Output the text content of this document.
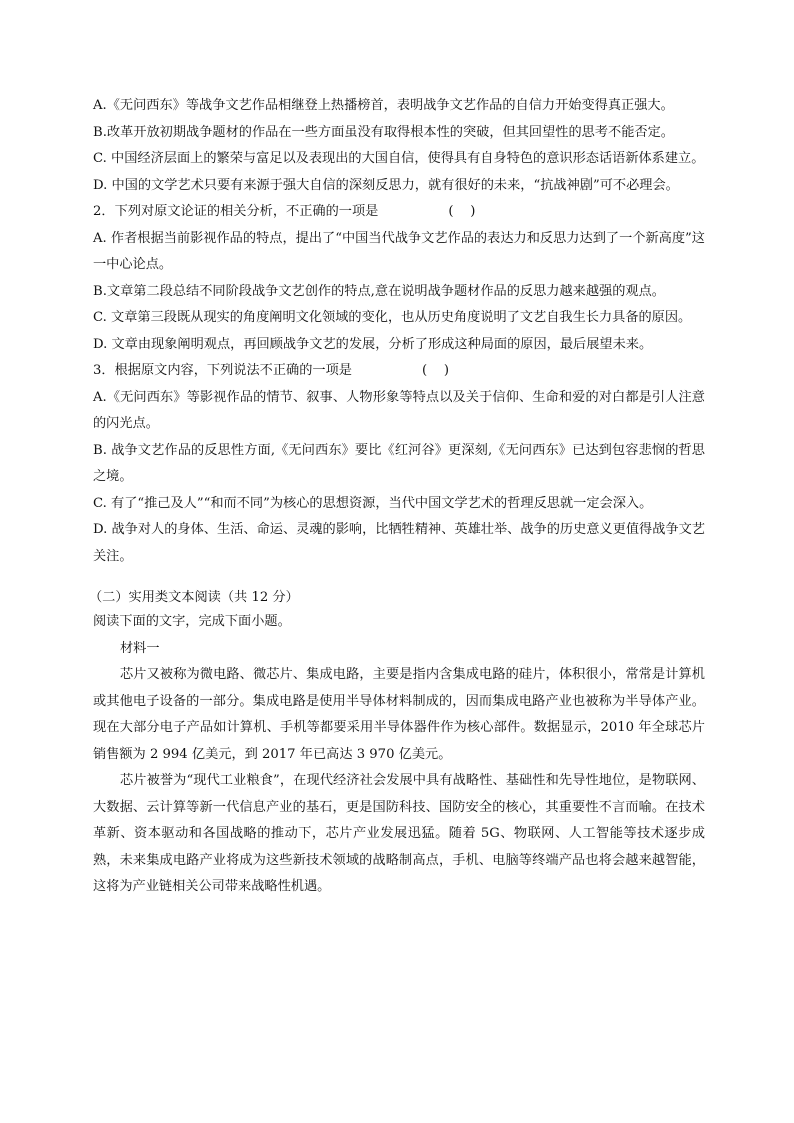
A.《无问西东》等战争文艺作品相继登上热播榜首，表明战争文艺作品的自信力开始变得真正强大。

B.改革开放初期战争题材的作品在一些方面虽没有取得根本性的突破，但其回望性的思考不能否定。

C. 中国经济层面上的繁荣与富足以及表现出的大国自信，使得具有自身特色的意识形态话语新体系建立。

D. 中国的文学艺术只要有来源于强大自信的深刻反思力，就有很好的未来，“抗战神剧”可不必理会。

2．下列对原文论证的相关分析，不正确的一项是	(    )

A. 作者根据当前影视作品的特点，提出了“中国当代战争文艺作品的表达力和反思力达到了一个新高度”这一中心论点。

B.文章第二段总结不同阶段战争文艺创作的特点,意在说明战争题材作品的反思力越来越强的观点。

C. 文章第三段既从现实的角度阐明文化领域的变化，也从历史角度说明了文艺自我生长力具备的原因。

D. 文章由现象阐明观点，再回顾战争文艺的发展，分析了形成这种局面的原因，最后展望未来。

3．根据原文内容，下列说法不正确的一项是	(    )

A.《无问西东》等影视作品的情节、叙事、人物形象等特点以及关于信仰、生命和爱的对白都是引人注意的闪光点。

B. 战争文艺作品的反思性方面,《无问西东》要比《红河谷》更深刻,《无问西东》已达到包容悲悯的哲思之境。

C. 有了“推己及人”“和而不同”为核心的思想资源，当代中国文学艺术的哲理反思就一定会深入。

D. 战争对人的身体、生活、命运、灵魂的影响，比牺牲精神、英雄壮举、战争的历史意义更值得战争文艺关注。

（二）实用类文本阅读（共 12 分）

阅读下面的文字，完成下面小题。

材料一

芯片又被称为微电路、微芯片、集成电路，主要是指内含集成电路的硅片，体积很小，常常是计算机或其他电子设备的一部分。集成电路是使用半导体材料制成的，因而集成电路产业也被称为半导体产业。现在大部分电子产品如计算机、手机等都要采用半导体器件作为核心部件。数据显示，2010 年全球芯片销售额为 2 994 亿美元，到 2017 年已高达 3 970 亿美元。

芯片被誉为“现代工业粮食”，在现代经济社会发展中具有战略性、基础性和先导性地位，是物联网、大数据、云计算等新一代信息产业的基石，更是国防科技、国防安全的核心，其重要性不言而喻。在技术革新、资本驱动和各国战略的推动下，芯片产业发展迅猛。随着 5G、物联网、人工智能等技术逐步成熟，未来集成电路产业将成为这些新技术领域的战略制高点，手机、电脑等终端产品也将会越来越智能，这将为产业链相关公司带来战略性机遇。
